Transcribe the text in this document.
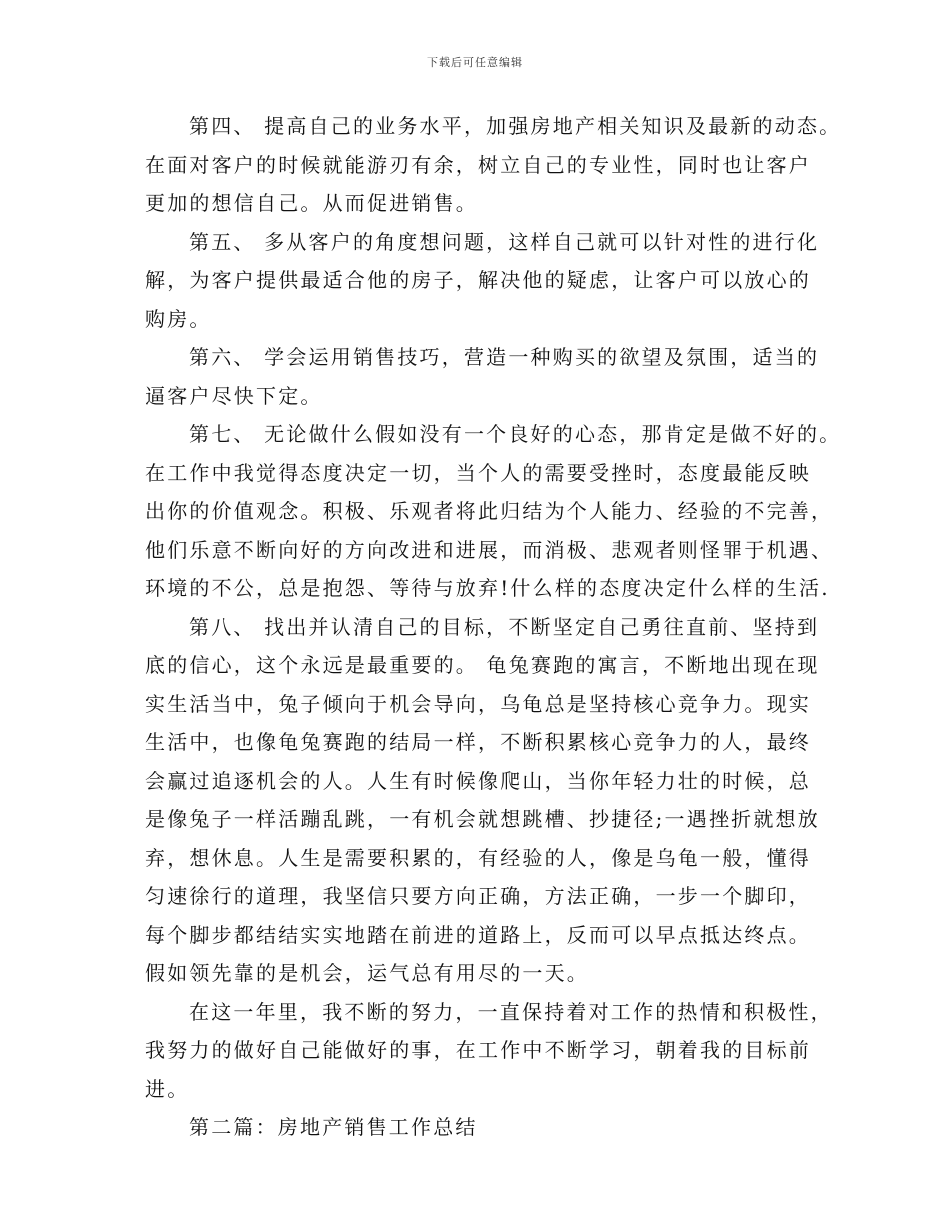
下载后可任意编辑
第四、 提高自己的业务水平，加强房地产相关知识及最新的动态。
在面对客户的时候就能游刃有余，树立自己的专业性，同时也让客户
更加的想信自己。从而促进销售。
第五、 多从客户的角度想问题，这样自己就可以针对性的进行化
解，为客户提供最适合他的房子，解决他的疑虑，让客户可以放心的
购房。
第六、 学会运用销售技巧，营造一种购买的欲望及氛围，适当的
逼客户尽快下定。
第七、 无论做什么假如没有一个良好的心态，那肯定是做不好的。
在工作中我觉得态度决定一切，当个人的需要受挫时，态度最能反映
出你的价值观念。积极、乐观者将此归结为个人能力、经验的不完善，
他们乐意不断向好的方向改进和进展，而消极、悲观者则怪罪于机遇、
环境的不公，总是抱怨、等待与放弃!什么样的态度决定什么样的生活.
第八、 找出并认清自己的目标，不断坚定自己勇往直前、坚持到
底的信心，这个永远是最重要的。 龟兔赛跑的寓言，不断地出现在现
实生活当中，兔子倾向于机会导向，乌龟总是坚持核心竞争力。现实
生活中，也像龟兔赛跑的结局一样，不断积累核心竞争力的人，最终
会赢过追逐机会的人。人生有时候像爬山，当你年轻力壮的时候，总
是像兔子一样活蹦乱跳，一有机会就想跳槽、抄捷径;一遇挫折就想放
弃，想休息。人生是需要积累的，有经验的人，像是乌龟一般，懂得
匀速徐行的道理，我坚信只要方向正确，方法正确，一步一个脚印，
每个脚步都结结实实地踏在前进的道路上，反而可以早点抵达终点。
假如领先靠的是机会，运气总有用尽的一天。
在这一年里，我不断的努力，一直保持着对工作的热情和积极性，
我努力的做好自己能做好的事，在工作中不断学习，朝着我的目标前
进。
第二篇：房地产销售工作总结
